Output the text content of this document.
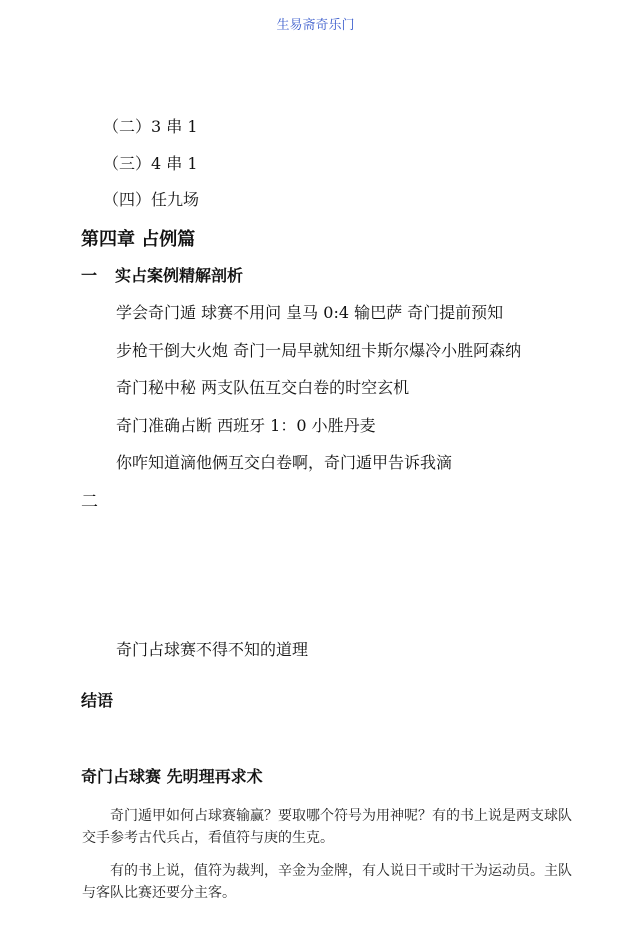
生易斋奇乐门
（二）3 串 1
（三）4 串 1
（四）任九场
第四章 占例篇
一 实占案例精解剖析
学会奇门遁 球赛不用问 皇马 0:4 输巴萨 奇门提前预知
步枪干倒大火炮 奇门一局早就知纽卡斯尔爆冷小胜阿森纳
奇门秘中秘 两支队伍互交白卷的时空玄机
奇门准确占断 西班牙 1：0 小胜丹麦
你咋知道滴他俩互交白卷啊，奇门遁甲告诉我滴
二
奇门占球赛不得不知的道理
结语
奇门占球赛 先明理再求术
奇门遁甲如何占球赛输赢？要取哪个符号为用神呢？有的书上说是两支球队交手参考古代兵占，看值符与庚的生克。
有的书上说，值符为裁判，辛金为金牌，有人说日干或时干为运动员。主队与客队比赛还要分主客。
